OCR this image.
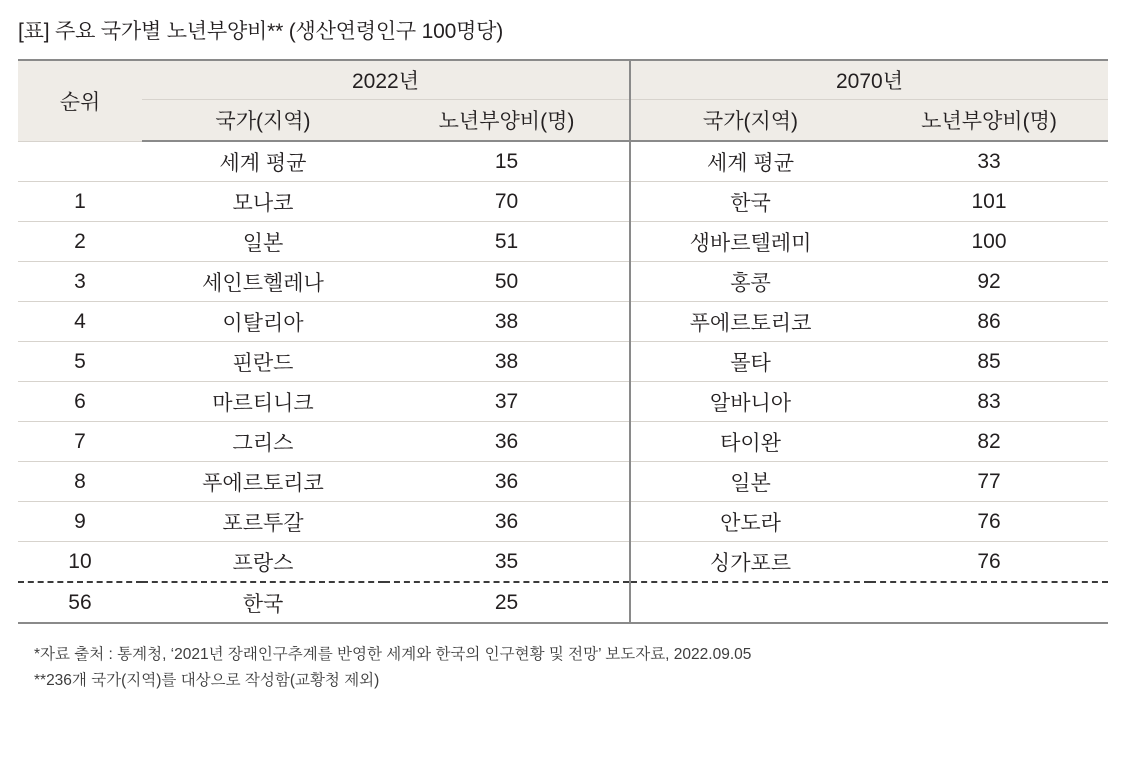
[표] 주요 국가별 노년부양비** (생산연령인구 100명당)
순위	2022년		2070년	
	국가(지역)	노년부양비(명)	국가(지역)	노년부양비(명)
	세계 평균	15	세계 평균	33
1	모나코	70	한국	101
2	일본	51	생바르텔레미	100
3	세인트헬레나	50	홍콩	92
4	이탈리아	38	푸에르토리코	86
5	핀란드	38	몰타	85
6	마르티니크	37	알바니아	83
7	그리스	36	타이완	82
8	푸에르토리코	36	일본	77
9	포르투갈	36	안도라	76
10	프랑스	35	싱가포르	76
56	한국	25		
*자료 출처 : 통계청, ‘2021년 장래인구추계를 반영한 세계와 한국의 인구현황 및 전망’ 보도자료, 2022.09.05
**236개 국가(지역)를 대상으로 작성함(교황청 제외)
